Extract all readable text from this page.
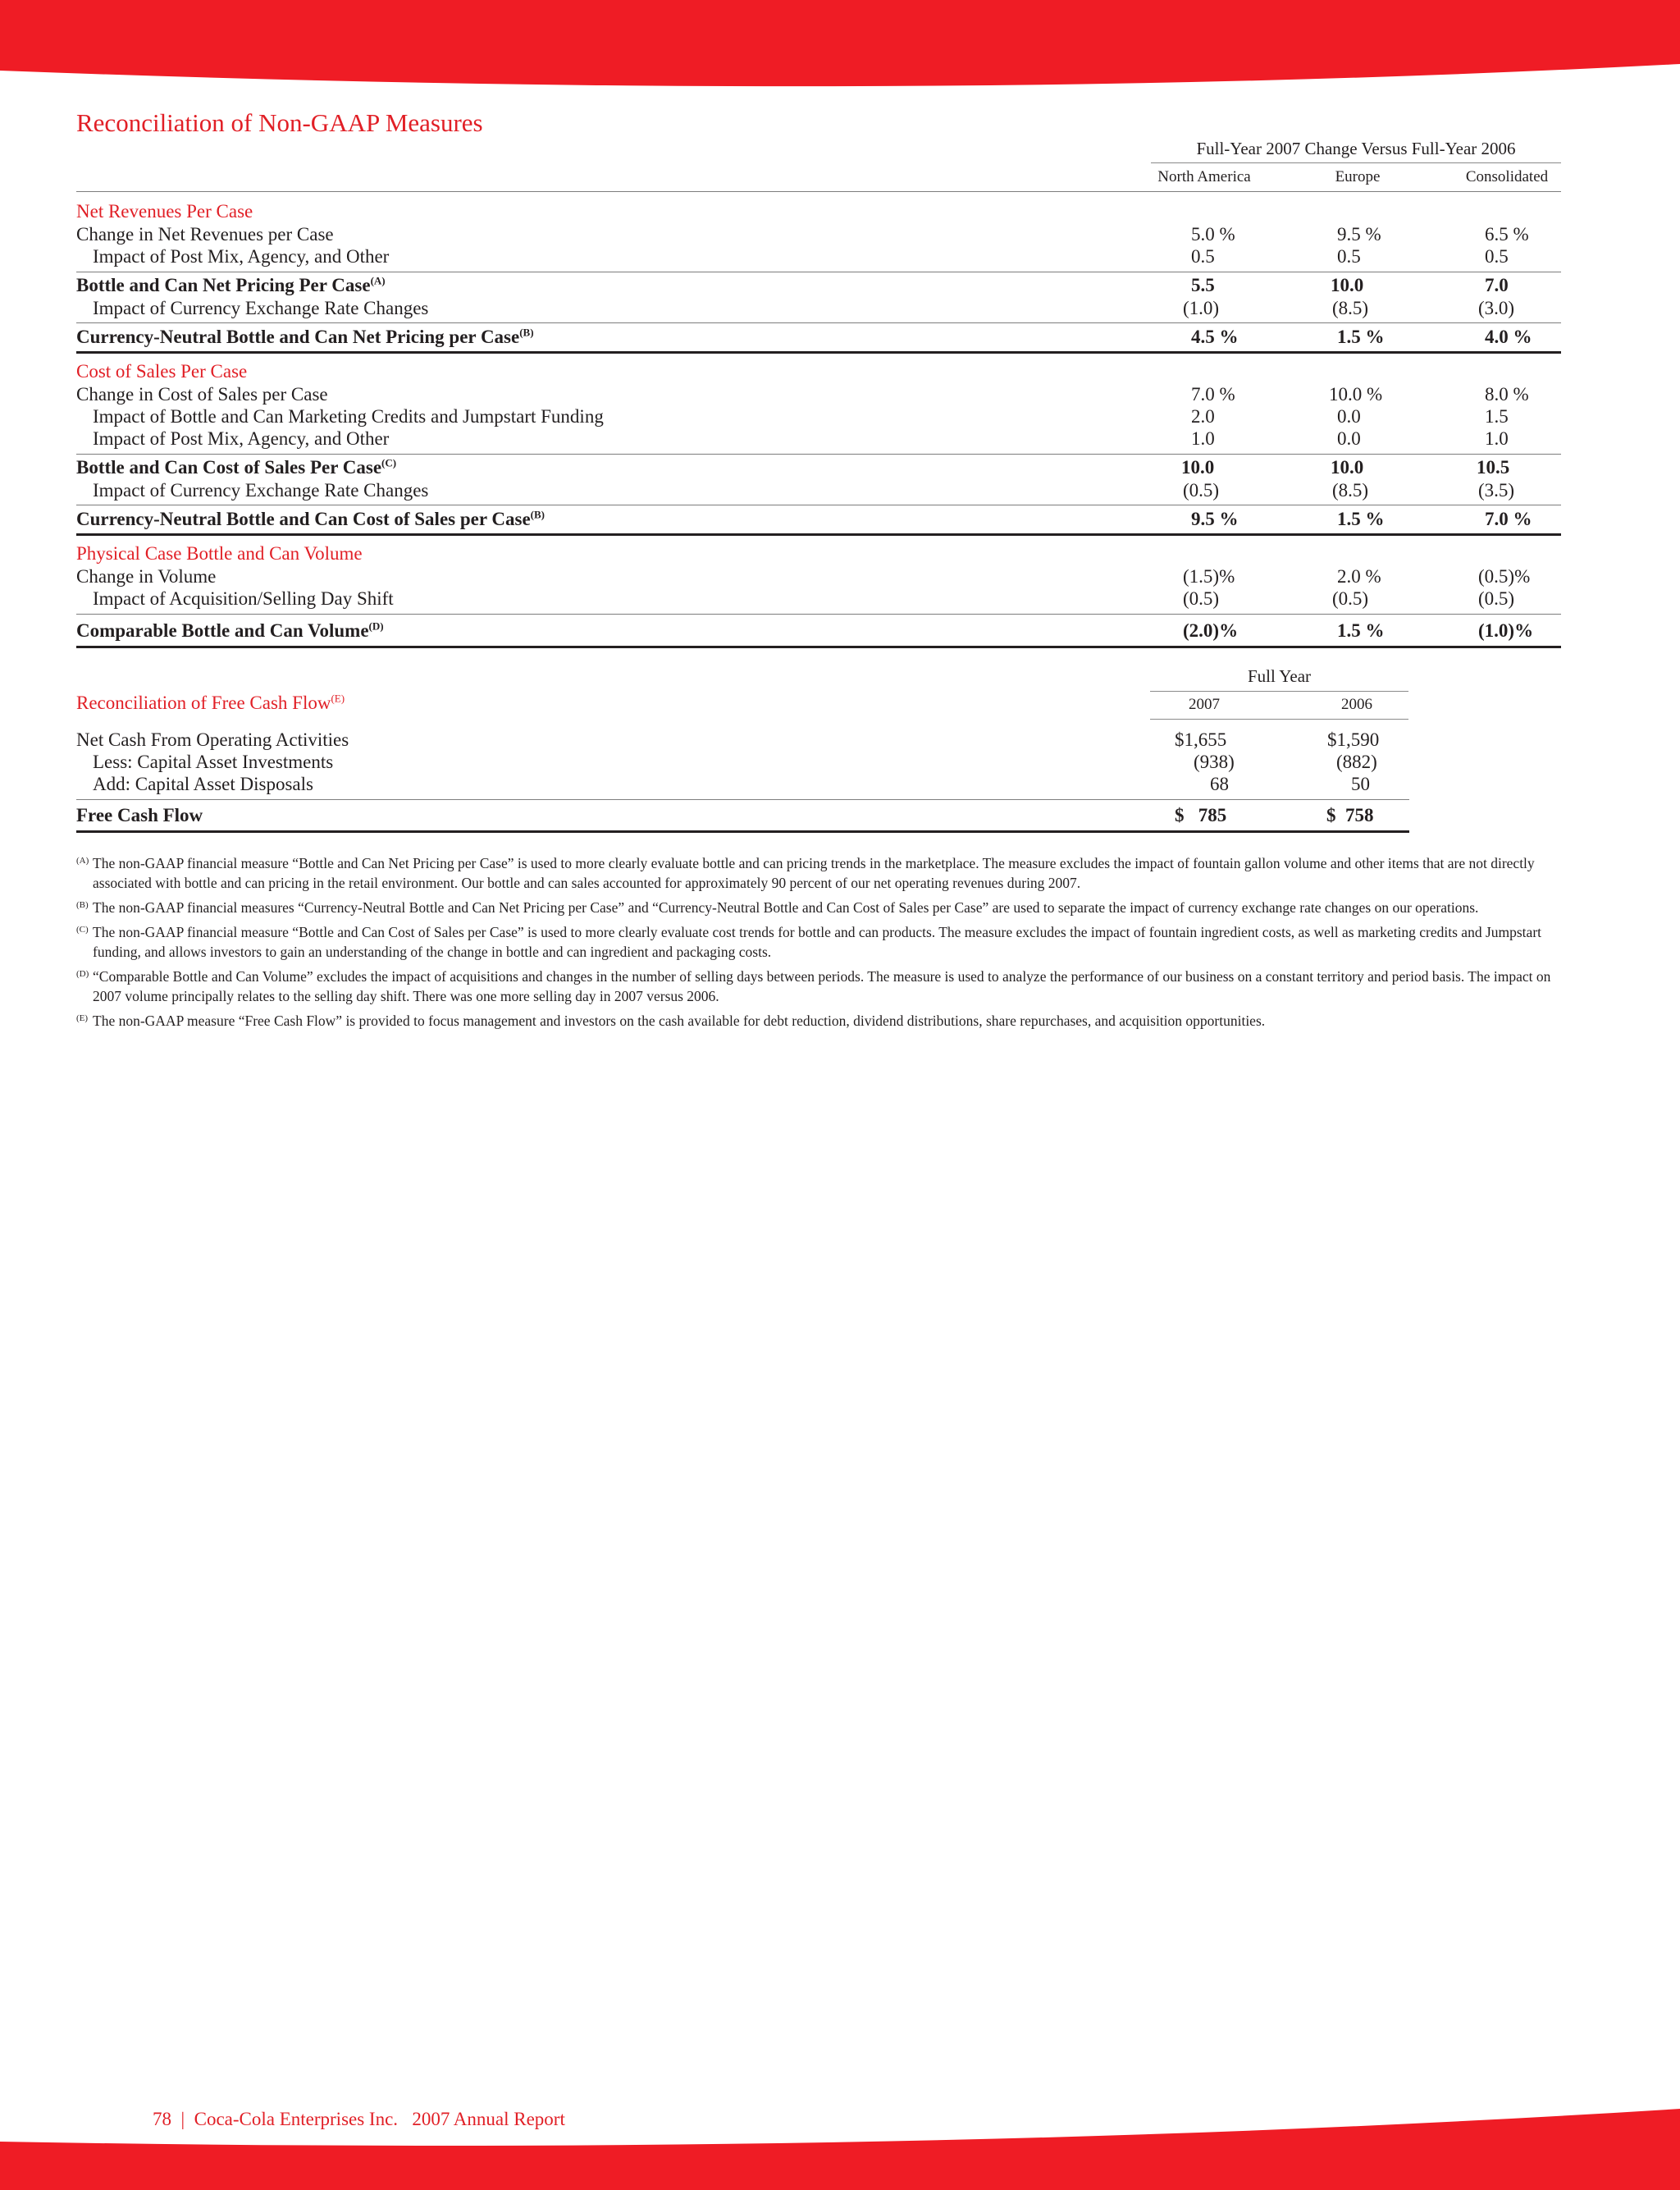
Reconciliation of Non-GAAP Measures
Full-Year 2007 Change Versus Full-Year 2006
North America	Europe	Consolidated
Net Revenues Per Case
Change in Net Revenues per Case	5.0 %	9.5 %	6.5 %
Impact of Post Mix, Agency, and Other	0.5	0.5	0.5
Bottle and Can Net Pricing Per Case$^{(A)}$	5.5	10.0	7.0
Impact of Currency Exchange Rate Changes	(1.0)	(8.5)	(3.0)
Currency-Neutral Bottle and Can Net Pricing per Case$^{(B)}$	4.5 %	1.5 %	4.0 %
Cost of Sales Per Case
Change in Cost of Sales per Case	7.0 %	10.0 %	8.0 %
Impact of Bottle and Can Marketing Credits and Jumpstart Funding	2.0	0.0	1.5
Impact of Post Mix, Agency, and Other	1.0	0.0	1.0
Bottle and Can Cost of Sales Per Case$^{(C)}$	10.0	10.0	10.5
Impact of Currency Exchange Rate Changes	(0.5)	(8.5)	(3.5)
Currency-Neutral Bottle and Can Cost of Sales per Case$^{(B)}$	9.5 %	1.5 %	7.0 %
Physical Case Bottle and Can Volume
Change in Volume	(1.5)%	2.0 %	(0.5)%
Impact of Acquisition/Selling Day Shift	(0.5)	(0.5)	(0.5)
Comparable Bottle and Can Volume$^{(D)}$	(2.0)%	1.5 %	(1.0)%
Full Year
Reconciliation of Free Cash Flow$^{(E)}$	2007	2006
Net Cash From Operating Activities	$1,655	$1,590
Less: Capital Asset Investments	(938)	(882)
Add: Capital Asset Disposals	68	50
Free Cash Flow	$   785	$  758
(A) The non-GAAP financial measure “Bottle and Can Net Pricing per Case” is used to more clearly evaluate bottle and can pricing trends in the marketplace. The measure excludes the impact of fountain gallon volume and other items that are not directly associated with bottle and can pricing in the retail environment. Our bottle and can sales accounted for approximately 90 percent of our net operating revenues during 2007.
(B) The non-GAAP financial measures “Currency-Neutral Bottle and Can Net Pricing per Case” and “Currency-Neutral Bottle and Can Cost of Sales per Case” are used to separate the impact of currency exchange rate changes on our operations.
(C) The non-GAAP financial measure “Bottle and Can Cost of Sales per Case” is used to more clearly evaluate cost trends for bottle and can products. The measure excludes the impact of fountain ingredient costs, as well as marketing credits and Jumpstart funding, and allows investors to gain an understanding of the change in bottle and can ingredient and packaging costs.
(D) “Comparable Bottle and Can Volume” excludes the impact of acquisitions and changes in the number of selling days between periods. The measure is used to analyze the performance of our business on a constant territory and period basis. The impact on 2007 volume principally relates to the selling day shift. There was one more selling day in 2007 versus 2006.
(E) The non-GAAP measure “Free Cash Flow” is provided to focus management and investors on the cash available for debt reduction, dividend distributions, share repurchases, and acquisition opportunities.
78 | Coca-Cola Enterprises Inc. 2007 Annual Report
